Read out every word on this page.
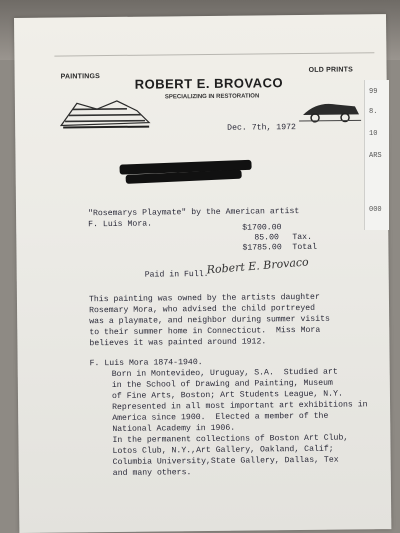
PAINTINGS
OLD PRINTS
ROBERT E. BROVACO
SPECIALIZING IN RESTORATION
Dec. 7th, 1972
"Rosemarys Playmate" by the American artist
F. Luis Mora.	$1700.00
85.00 Tax.
$1785.00 Total
Paid in Full.
Robert E. Brovaco
This painting was owned by the artists daughter
Rosemary Mora, who advised the child portreyed
was a playmate, and neighbor during summer visits
to their summer home in Connecticut.  Miss Mora
believes it was painted around 1912.
F. Luis Mora 1874-1940.
Born in Montevideo, Uruguay, S.A.  Studied art
in the School of Drawing and Painting, Museum
of Fine Arts, Boston; Art Students League, N.Y.
Represented in all most important art exhibitions in
America since 1900.  Elected a member of the
National Academy in 1906.
In the permanent collections of Boston Art Club,
Lotos Club, N.Y.,Art Gallery, Oakland, Calif;
Columbia University,State Gallery, Dallas, Tex
and many others.
99
8.
10
ARS
000
